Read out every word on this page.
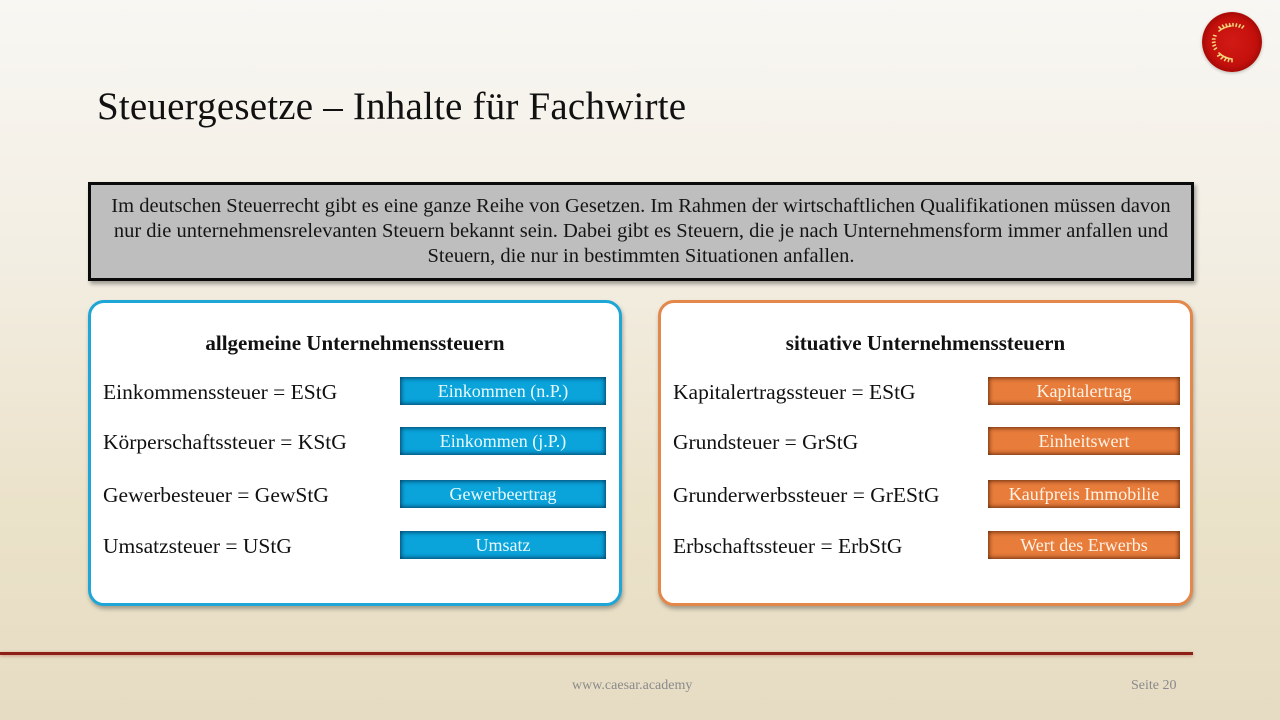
Steuergesetze – Inhalte für Fachwirte
Im deutschen Steuerrecht gibt es eine ganze Reihe von Gesetzen. Im Rahmen der wirtschaftlichen Qualifikationen müssen davon nur die unternehmensrelevanten Steuern bekannt sein. Dabei gibt es Steuern, die je nach Unternehmensform immer anfallen und Steuern, die nur in bestimmten Situationen anfallen.
allgemeine Unternehmenssteuern
Einkommenssteuer = EStG	Einkommen (n.P.)
Körperschaftssteuer = KStG	Einkommen (j.P.)
Gewerbesteuer = GewStG	Gewerbeertrag
Umsatzsteuer = UStG	Umsatz
situative Unternehmenssteuern
Kapitalertragssteuer = EStG	Kapitalertrag
Grundsteuer = GrStG	Einheitswert
Grunderwerbssteuer = GrEStG	Kaufpreis Immobilie
Erbschaftssteuer = ErbStG	Wert des Erwerbs
www.caesar.academy	Seite 20
